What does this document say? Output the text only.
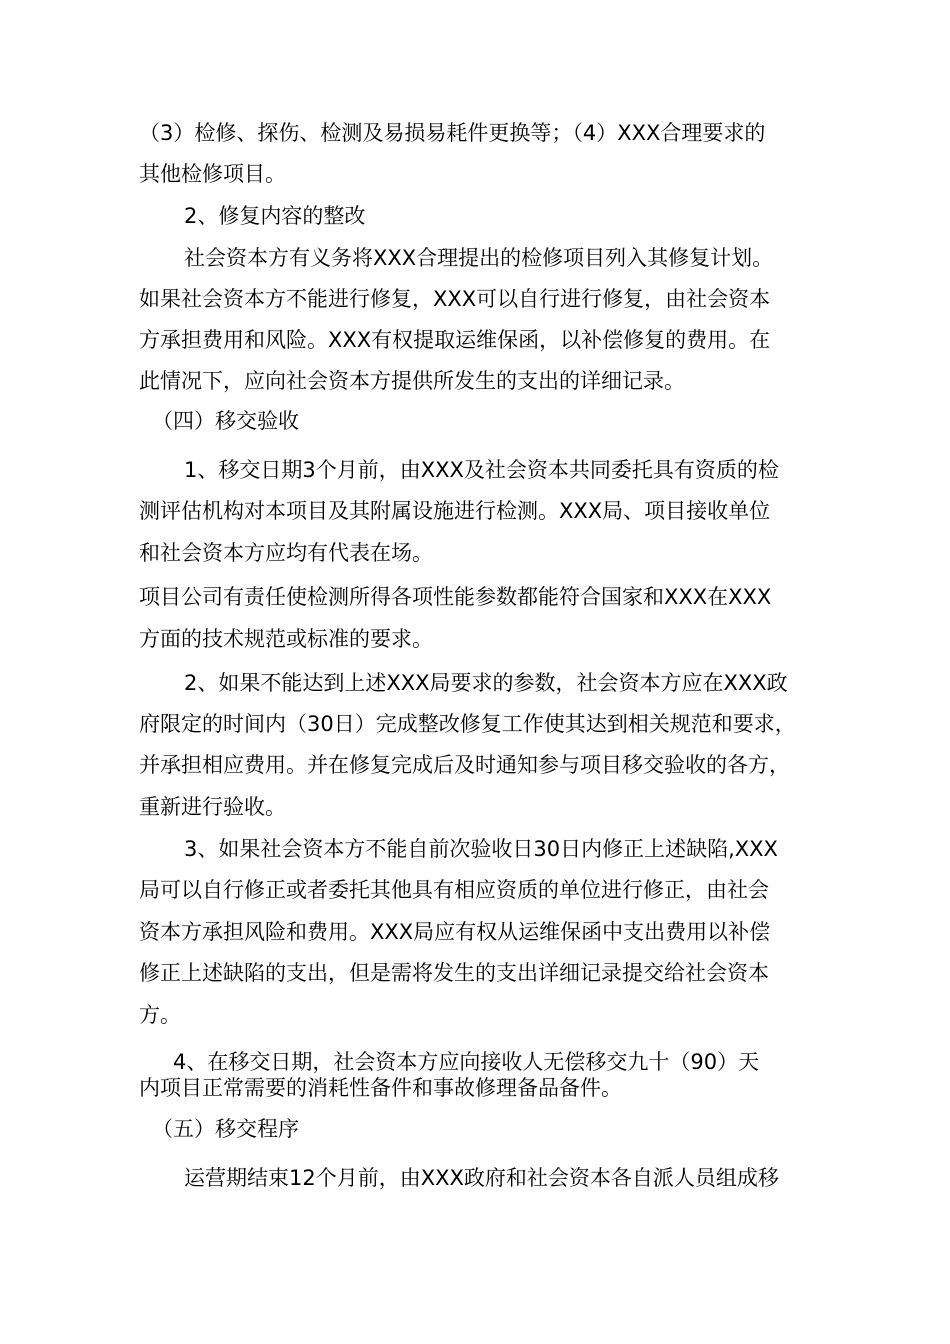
（3）检修、探伤、检测及易损易耗件更换等；（4）XXX合理要求的

其他检修项目。

2、修复内容的整改

社会资本方有义务将XXX合理提出的检修项目列入其修复计划。

如果社会资本方不能进行修复，XXX可以自行进行修复，由社会资本

方承担费用和风险。XXX有权提取运维保函，以补偿修复的费用。在

此情况下，应向社会资本方提供所发生的支出的详细记录。

（四）移交验收

1、移交日期3个月前，由XXX及社会资本共同委托具有资质的检

测评估机构对本项目及其附属设施进行检测。XXX局、项目接收单位

和社会资本方应均有代表在场。

项目公司有责任使检测所得各项性能参数都能符合国家和XXX在XXX

方面的技术规范或标准的要求。

2、如果不能达到上述XXX局要求的参数，社会资本方应在XXX政

府限定的时间内（30日）完成整改修复工作使其达到相关规范和要求，

并承担相应费用。并在修复完成后及时通知参与项目移交验收的各方，

重新进行验收。

3、如果社会资本方不能自前次验收日30日内修正上述缺陷,XXX

局可以自行修正或者委托其他具有相应资质的单位进行修正，由社会

资本方承担风险和费用。XXX局应有权从运维保函中支出费用以补偿

修正上述缺陷的支出，但是需将发生的支出详细记录提交给社会资本

方。

4、在移交日期，社会资本方应向接收人无偿移交九十（90）天

内项目正常需要的消耗性备件和事故修理备品备件。

（五）移交程序

运营期结束12个月前，由XXX政府和社会资本各自派人员组成移
